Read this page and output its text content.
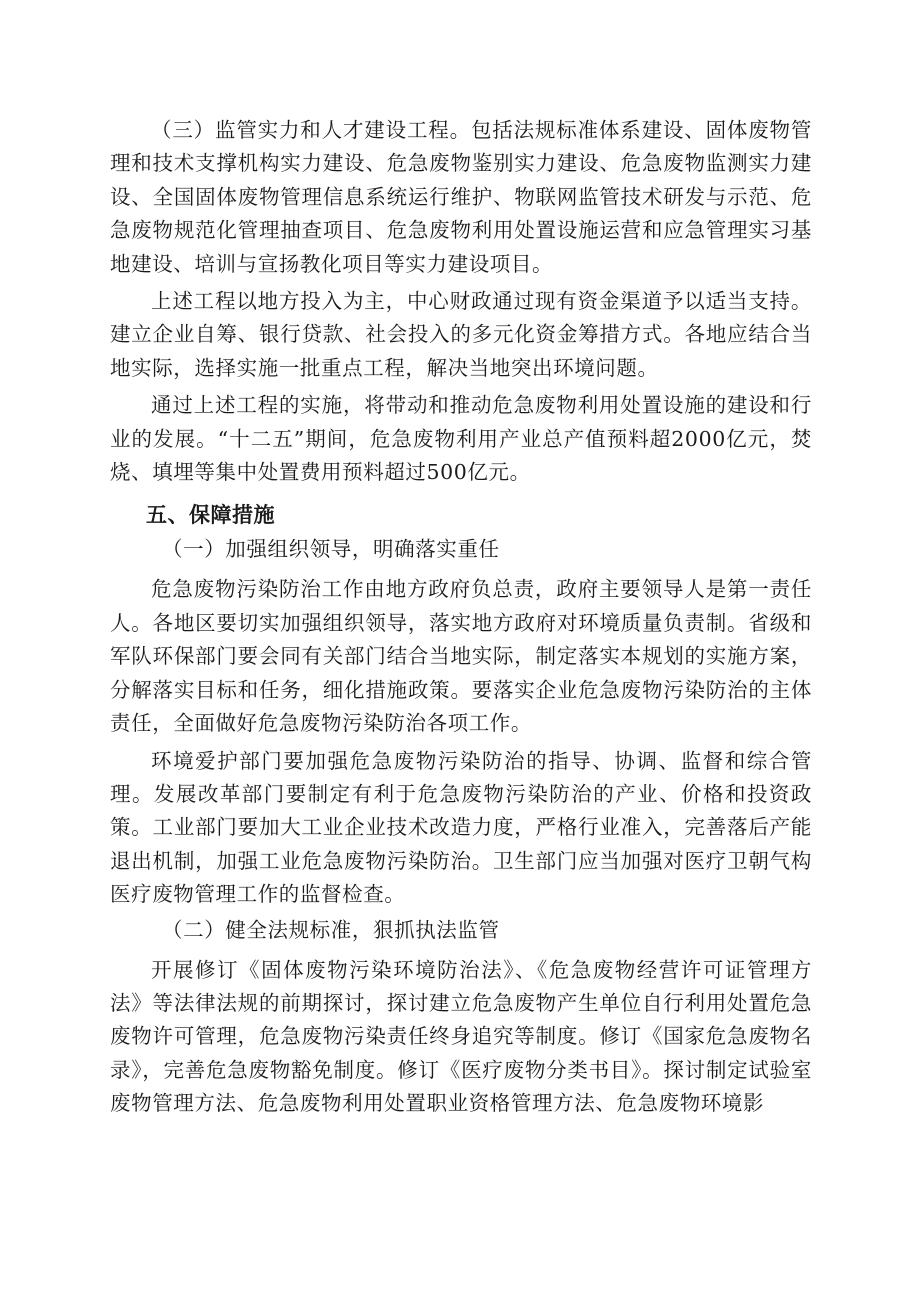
（三）监管实力和人才建设工程。包括法规标准体系建设、固体废物管理和技术支撑机构实力建设、危急废物鉴别实力建设、危急废物监测实力建设、全国固体废物管理信息系统运行维护、物联网监管技术研发与示范、危急废物规范化管理抽查项目、危急废物利用处置设施运营和应急管理实习基地建设、培训与宣扬教化项目等实力建设项目。

上述工程以地方投入为主，中心财政通过现有资金渠道予以适当支持。建立企业自筹、银行贷款、社会投入的多元化资金筹措方式。各地应结合当地实际，选择实施一批重点工程，解决当地突出环境问题。

通过上述工程的实施，将带动和推动危急废物利用处置设施的建设和行业的发展。“十二五”期间，危急废物利用产业总产值预料超2000亿元，焚烧、填埋等集中处置费用预料超过500亿元。

五、保障措施

（一）加强组织领导，明确落实重任

危急废物污染防治工作由地方政府负总责，政府主要领导人是第一责任人。各地区要切实加强组织领导，落实地方政府对环境质量负责制。省级和军队环保部门要会同有关部门结合当地实际，制定落实本规划的实施方案，分解落实目标和任务，细化措施政策。要落实企业危急废物污染防治的主体责任，全面做好危急废物污染防治各项工作。

环境爱护部门要加强危急废物污染防治的指导、协调、监督和综合管理。发展改革部门要制定有利于危急废物污染防治的产业、价格和投资政策。工业部门要加大工业企业技术改造力度，严格行业准入，完善落后产能退出机制，加强工业危急废物污染防治。卫生部门应当加强对医疗卫朝气构医疗废物管理工作的监督检查。

（二）健全法规标准，狠抓执法监管

开展修订《固体废物污染环境防治法》、《危急废物经营许可证管理方法》等法律法规的前期探讨，探讨建立危急废物产生单位自行利用处置危急废物许可管理，危急废物污染责任终身追究等制度。修订《国家危急废物名录》，完善危急废物豁免制度。修订《医疗废物分类书目》。探讨制定试验室废物管理方法、危急废物利用处置职业资格管理方法、危急废物环境影
